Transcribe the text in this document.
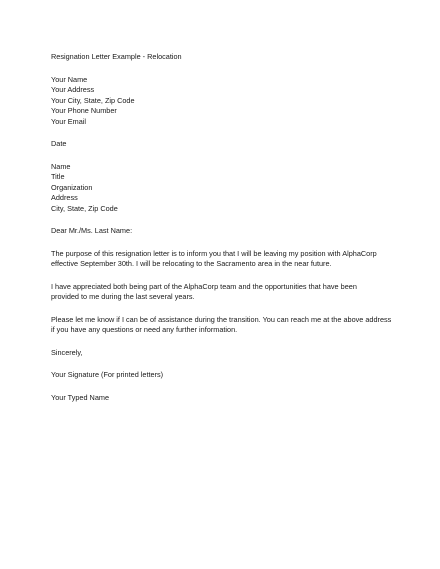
Resignation Letter Example - Relocation
Your Name
Your Address
Your City, State, Zip Code
Your Phone Number
Your Email
Date
Name
Title
Organization
Address
City, State, Zip Code
Dear Mr./Ms. Last Name:
The purpose of this resignation letter is to inform you that I will be leaving my position with AlphaCorp
effective September 30th. I will be relocating to the Sacramento area in the near future.
I have appreciated both being part of the AlphaCorp team and the opportunities that have been
provided to me during the last several years.
Please let me know if I can be of assistance during the transition. You can reach me at the above address
if you have any questions or need any further information.
Sincerely,
Your Signature (For printed letters)
Your Typed Name
